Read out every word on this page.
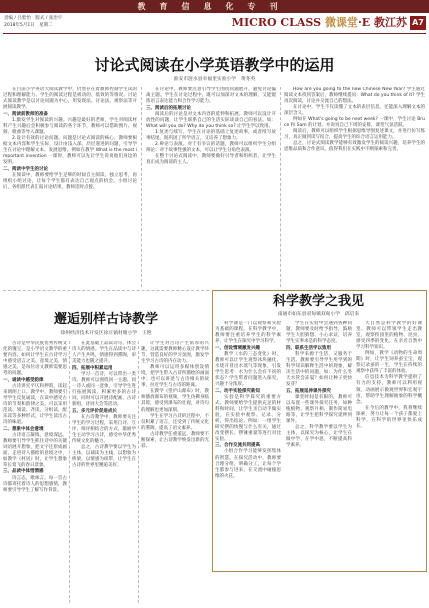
教育信息化专刊
责编 / 吕紫怡　 版式 / 张治宇
2018年5月1日　 星期二	MICRO CLASS 微课堂·E 教江苏 A7
讨论式阅读在小学英语教学中的运用
淮安市涟水县幸福里实验小学　黄冬英

在目前小学英语大阅读教学中，仍然存在着教师控制学生读的过程和理解能力、学生的阅读过程是被动的、低效的等情况。讨论式阅读教学是以讨论问题为中心，用发现法、讨论法、观察法等开展阅读教学。

一、阅读前教师的准备

1.激发学生对阅读的兴趣。兴趣是最好的老师，学生对阅读材料产生兴趣后会积极参与阅读的各个环节，教师可以借助图片、视频、歌曲等导入课题。

2.设计有效的讨论问题。问题是讨论式阅读的核心，教师要根据文本内容和学生实际，设计由浅入深、层层递进的问题，引导学生在讨论中理解文本、发展思维。例如在教学 What is the most important invention 一课时，教师可以先让学生说说他们身边的发明。

二、阅读中学生的讨论

在阅读中，教师要给学生足够的时间自主阅读、独立思考，再组织小组讨论，让每个学生都有表达自己观点的机会。小组讨论后，各组派代表汇报讨论结果，教师适时点拨。

在讨论中，教师要注意引导学生围绕问题展开，避免讨论偏离主题。学生在讨论过程中，既可以加深对文本的理解，又能锻炼语言表达能力和合作学习能力。

三、阅读后的拓展讨论

阅读后的讨论是对文本内容的延伸和拓展。教师可以设计开放性的问题，让学生联系自己的生活实际谈谈自己的看法。如：What will you do? Why do you think so? 让学生学以致用。

1.复述与续写。学生在讨论的基础上复述故事，或者续写故事结尾，既巩固了所学语言，又培养了想象力。

2.辩论与表演。对于有争议的话题，教师可以组织学生分组辩论；对于故事性强的文本，可以让学生分角色表演。

在整个讨论式阅读中，教师要做好引导者和组织者，让学生真正成为阅读的主人。

How are you going to the new Chinese New Year? 学生通过阅读文本找到答案后，教师继续提问：What do you think of it? 学生再次阅读，讨论并交流自己的想法。

在讨论中，学生不仅读懂了文本的表层信息，还能深入理解文本的深层含义。

例如在 What's going to be next week? 一课中，学生讨论 Bruce 和 Sam 的计划，并说说自己下周的安排，课堂气氛活跃。

阅读后，教师可以组织学生根据思维导图复述课文，并进行仿写练习，真正做到读写结合，提高学生的综合语言运用能力。

总之，讨论式阅读教学能够有效激发学生的阅读兴趣，培养学生的思维品质和合作意识，值得我们在实践中不断探索和完善。

邂逅别样古诗教学
徐州经济技术开发区徐庄镇村塘小学　王艳

古诗是中华民族优秀传统文化的瑰宝，是小学语文教学的重要内容。如何让学生在古诗学习中感受语言之美、意境之美、情感之美，是每位语文教师需要思考的问题。

一、诵读中感受韵律

古诗讲究平仄和押韵，读起来朗朗上口。教学中，教师要引导学生反复诵读，在读中感受古诗的节奏和韵律之美。可以采用范读、领读、齐读、分组读、配乐读等多种形式，让学生读出古诗的味道。

二、想象中体会意境

古诗语言凝练，意境深远。教师要引导学生抓住诗中的关键词语展开想象，把文字还原成画面，走进诗人描绘的意境之中，如教学《村居》时，让学生想象草长莺飞的春日景象。

三、品读中体悟情感

诗言志，歌咏言。每一首古诗都寄托着诗人的思想感情，教师要引导学生了解写作背景。

在此基础上品读诗句，体会诗人的情感。学生在品读中与诗人产生共鸣，情感得到熏陶，审美能力也随之提升。

四、拓展中积累运用

学习一首诗，可以带出一类诗。教师可以围绕同一主题、同一诗人或同一意象，引导学生进行拓展阅读，积累更多的古诗词。同时可以开展诗配画、古诗新唱、诗词大会等活动。

五、多元评价促进成长

在古诗教学中，教师要关注学生的学习过程，采用自评、互评、师评相结合的方式，激励学生主动学习古诗，感受中华优秀传统文化的魅力。

总之，古诗教学要以学生为主体，以诵读为主线，以想象为桥梁，以情感为纽带，让学生在古诗的世界里邂逅美好。

让学生对古诗产生浓厚的兴趣，这就需要教师精心设计教学环节，营造良好的学习氛围，激发学生学习古诗的内在动力。

教师可以运用多媒体创设情境，把学生带入古诗所描绘的画面中；也可以讲述与古诗相关的故事，拉近学生与古诗的距离。

在教学《望庐山瀑布》时，教师播放瀑布的视频，学生仿佛身临其境，感受到瀑布的壮观，对诗句的理解也更加深刻。

学生在学习古诗的过程中，不仅积累了语言，还受到了传统文化的熏陶，提高了语文素养。

古诗教学任重道远，教师要不断探索，让古诗教学焕发出新的光彩。

科学教学之我见
南通市如东县双甸镇双甸小学　邱启来

科学课是一门以观察和实验为基础的课程。在科学教学中，教师要注重培养学生的科学素养，让学生在探究中学习科学。

一、创设情境激发兴趣

教学《水的三态变化》时，教师可以让学生观察冰块融化、水烧开冒出水蒸气等现象，引发学生思考：水为什么会有不同的状态？学生带着问题进入探究，兴趣十分浓厚。

二、动手实验探究新知

实验是科学探究的重要方式。教师要给学生提供充足的材料和时间，让学生亲自动手做实验，在实验中观察、记录、分析，得出结论。例如：一组学生研究摆的快慢与什么有关，通过改变摆长、摆锤重量等进行对比实验。

三、合作交流共同提高

小组合作学习能够发挥集体的智慧。在探究活动中，教师要合理分组，明确分工，让每个学生都参与进来，在交流中碰撞思维的火花。

学生在实验中会遇到各种问题，教师要及时给予指导，鼓励学生大胆猜想、小心求证，培养学生实事求是的科学态度。

四、联系生活学以致用

科学来源于生活，又服务于生活。教师要引导学生用学到的科学知识解释生活中的现象，解决生活中的问题，如：为什么冬天水管会冻裂？如何让种子更快发芽？

五、拓展延伸课外探究

课堂时间是有限的，教师可以布置一些课外探究任务，如种植植物、观察月相、制作简易电路等，让学生把科学探究延伸到课外。

总之，科学教学要以学生为主体，以探究为核心，让学生在做中学、在学中思，不断提高科学素养。

大自然是科学教学的好课堂。教师可以带领学生走出教室，观察校园里的植物、昆虫，感受四季的变化，在亲近自然中学习科学知识。

例如，教学《动物的生命周期》时，让学生饲养蚕宝宝，观察记录蚕的一生，学生在持续的观察中获得了丰富的体验。

信息技术为科学教学提供了有力的支持，教师可以利用视频、动画展示微观世界和宏观宇宙，帮助学生理解抽象的科学概念。

在今后的教学中，我将继续探索，努力让每一个孩子都爱上科学，在科学的世界里快乐成长。
